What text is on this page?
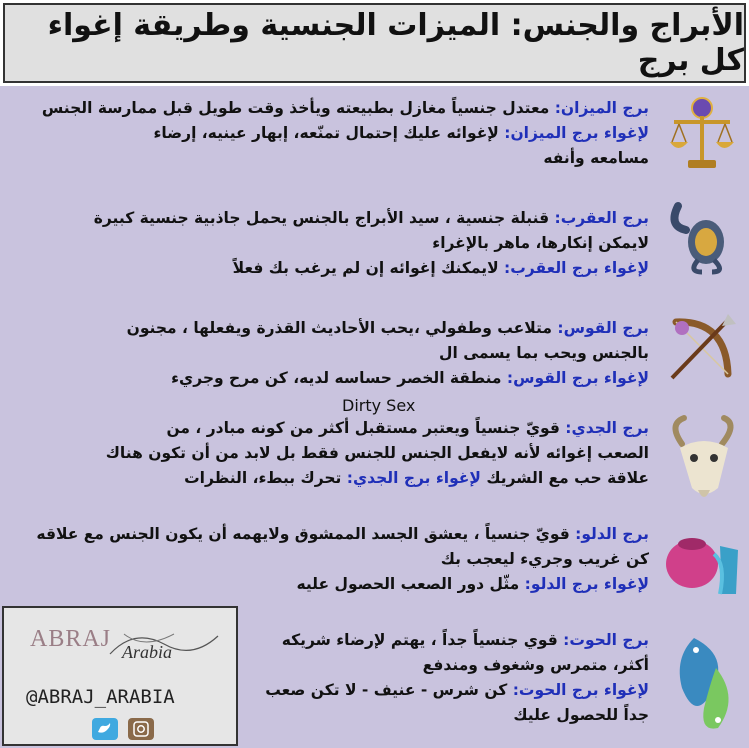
الأبراج والجنس: الميزات الجنسية وطريقة إغواء كل برج
برج الميزان: معتدل جنسياً مغازل بطبيعته ويأخذ وقت طويل قبل ممارسة الجنس
لإغواء برج الميزان: لإغوائه عليك إحتمال تمنّعه، إبهار عينيه، إرضاء
مسامعه وأنفه
برج العقرب: قنبلة جنسية ، سيد الأبراج بالجنس يحمل جاذبية جنسية كبيرة
لايمكن إنكارها، ماهر بالإغراء
لإغواء برج العقرب: لايمكنك إغوائه إن لم يرغب بك فعلاً
برج القوس: متلاعب وطفولي ،يحب الأحاديث القذرة ويفعلها ، مجنون
بالجنس ويحب بما يسمى ال
لإغواء برج القوس: منطقة الخصر حساسه لديه، كن مرح وجريء
Dirty Sex
برج الجدي: قويّ جنسياً ويعتبر مستقبل أكثر من كونه مبادر ، من
الصعب إغوائه لأنه لايفعل الجنس للجنس فقط بل لابد من أن تكون هناك
علاقة حب مع الشريك لإغواء برج الجدي: تحرك ببطء، النظرات
برج الدلو: قويّ جنسياً ، يعشق الجسد الممشوق ولايهمه أن يكون الجنس مع علاقه
كن غريب وجريء ليعجب بك
لإغواء برج الدلو: مثّل دور الصعب الحصول عليه
برج الحوت: قوي جنسياً جداً ، يهتم لإرضاء شريكه
أكثر، متمرس وشغوف ومندفع
لإغواء برج الحوت: كن شرس - عنيف - لا تكن صعب
جداً للحصول عليك
ABRAJ Arabia
@ABRAJ_ARABIA
